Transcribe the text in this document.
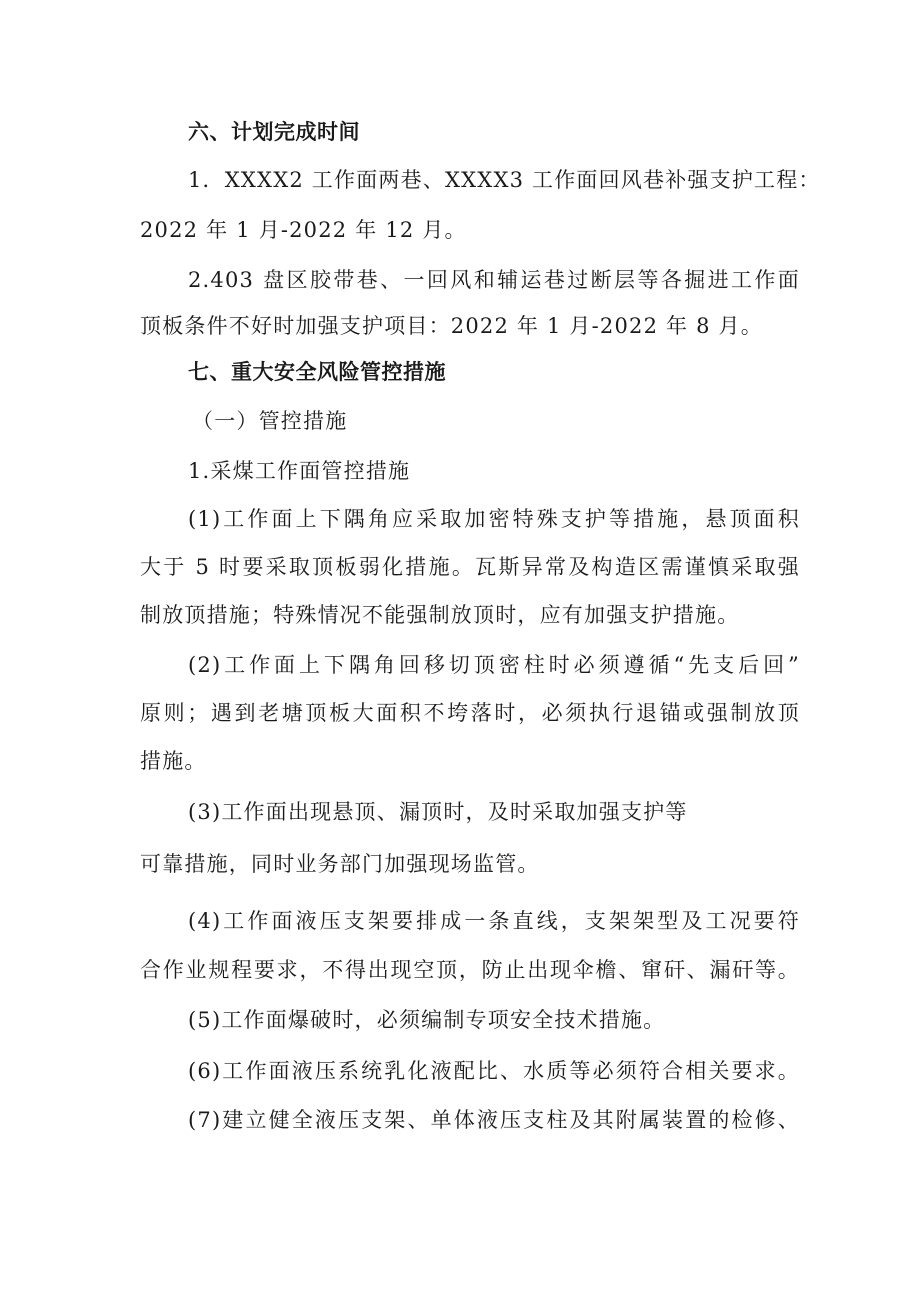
六、计划完成时间
1．XXXX2 工作面两巷、XXXX3 工作面回风巷补强支护工程：
2022 年 1 月-2022 年 12 月。
2.403 盘区胶带巷、一回风和辅运巷过断层等各掘进工作面
顶板条件不好时加强支护项目：2022 年 1 月-2022 年 8 月。
七、重大安全风险管控措施
（一）管控措施
1.采煤工作面管控措施
(1)工作面上下隅角应采取加密特殊支护等措施，悬顶面积
大于 5 时要采取顶板弱化措施。瓦斯异常及构造区需谨慎采取强
制放顶措施；特殊情况不能强制放顶时，应有加强支护措施。
(2)工作面上下隅角回移切顶密柱时必须遵循“先支后回”
原则；遇到老塘顶板大面积不垮落时，必须执行退锚或强制放顶
措施。
(3)工作面出现悬顶、漏顶时，及时采取加强支护等
可靠措施，同时业务部门加强现场监管。
(4)工作面液压支架要排成一条直线，支架架型及工况要符
合作业规程要求，不得出现空顶，防止出现伞檐、窜矸、漏矸等。
(5)工作面爆破时，必须编制专项安全技术措施。
(6)工作面液压系统乳化液配比、水质等必须符合相关要求。
(7)建立健全液压支架、单体液压支柱及其附属装置的检修、
